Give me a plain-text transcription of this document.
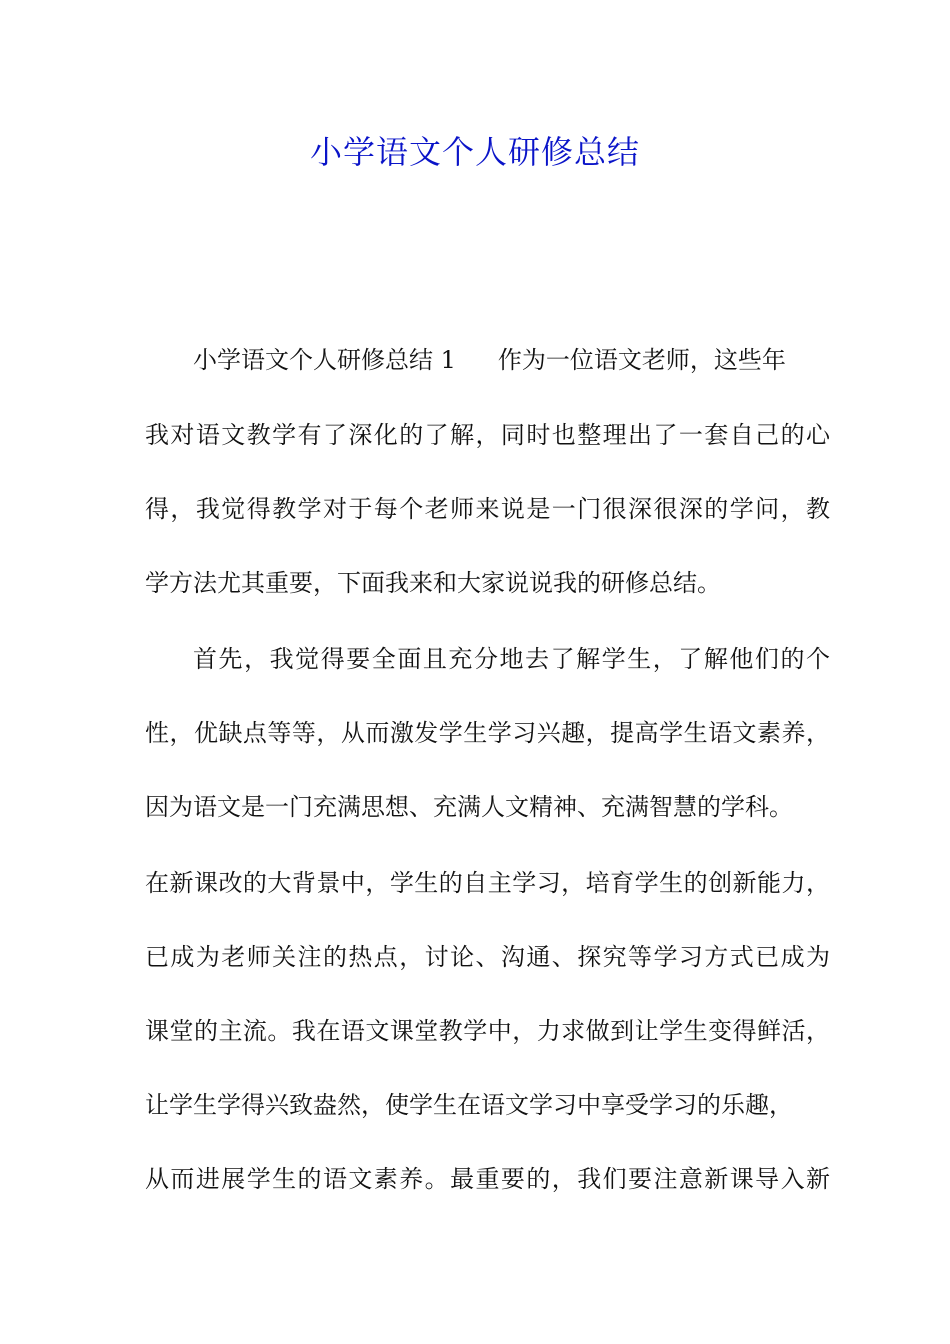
小学语文个人研修总结
小学语文个人研修总结 1 作为一位语文老师，这些年
我对语文教学有了深化的了解，同时也整理出了一套自己的心
得，我觉得教学对于每个老师来说是一门很深很深的学问，教
学方法尤其重要，下面我来和大家说说我的研修总结。
首先，我觉得要全面且充分地去了解学生，了解他们的个
性，优缺点等等，从而激发学生学习兴趣，提高学生语文素养，
因为语文是一门充满思想、充满人文精神、充满智慧的学科。
在新课改的大背景中，学生的自主学习，培育学生的创新能力，
已成为老师关注的热点，讨论、沟通、探究等学习方式已成为
课堂的主流。我在语文课堂教学中，力求做到让学生变得鲜活，
让学生学得兴致盎然，使学生在语文学习中享受学习的乐趣，
从而进展学生的语文素养。最重要的，我们要注意新课导入新
